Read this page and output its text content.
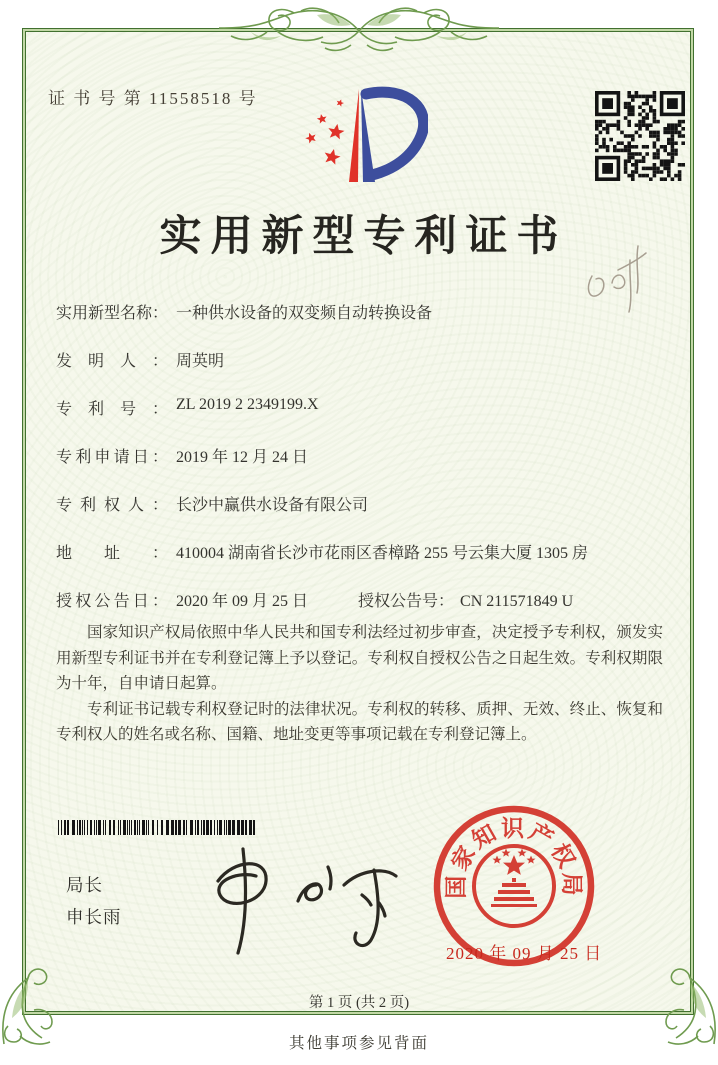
证 书 号 第 11558518 号
实用新型专利证书
实用新型名称： 一种供水设备的双变频自动转换设备
发明人： 周英明
专利号： ZL 2019 2 2349199.X
专利申请日： 2019 年 12 月 24 日
专利权人： 长沙中赢供水设备有限公司
地址： 410004 湖南省长沙市花雨区香樟路 255 号云集大厦 1305 房
授权公告日： 2020 年 09 月 25 日	授权公告号： CN 211571849 U

国家知识产权局依照中华人民共和国专利法经过初步审查，决定授予专利权，颁发实用新型专利证书并在专利登记簿上予以登记。专利权自授权公告之日起生效。专利权期限为十年，自申请日起算。

专利证书记载专利权登记时的法律状况。专利权的转移、质押、无效、终止、恢复和专利权人的姓名或名称、国籍、地址变更等事项记载在专利登记簿上。

局长
申长雨
国家知识产权局
2020 年 09 月 25 日
第 1 页 (共 2 页)
其他事项参见背面
